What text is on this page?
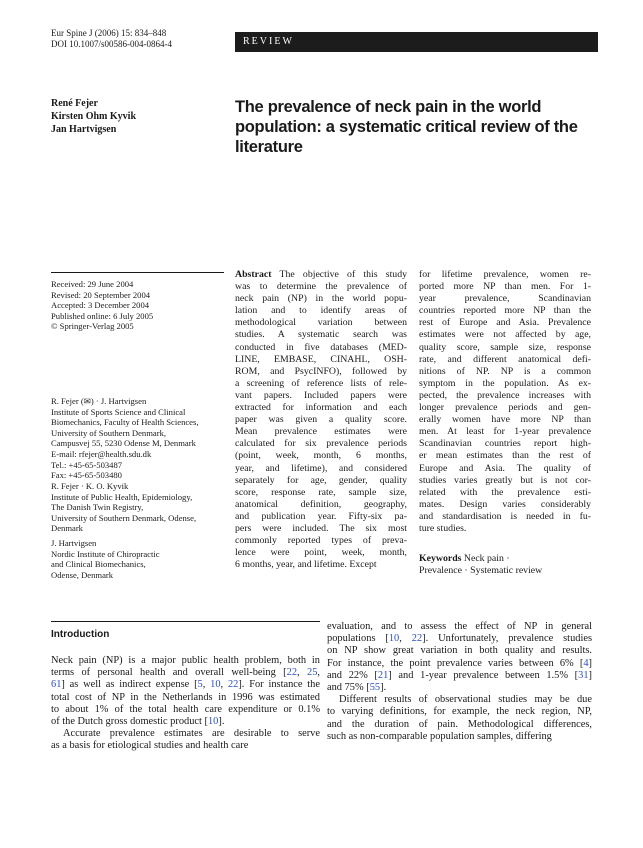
Eur Spine J (2006) 15: 834–848
DOI 10.1007/s00586-004-0864-4	REVIEW
René Fejer
Kirsten Ohm Kyvik
Jan Hartvigsen
The prevalence of neck pain in the world population: a systematic critical review of the literature
Received: 29 June 2004
Revised: 20 September 2004
Accepted: 3 December 2004
Published online: 6 July 2005
© Springer-Verlag 2005
R. Fejer (✉) · J. Hartvigsen
Institute of Sports Science and Clinical
Biomechanics, Faculty of Health Sciences,
University of Southern Denmark,
Campusvej 55, 5230 Odense M, Denmark
E-mail: rfejer@health.sdu.dk
Tel.: +45-65-503487
Fax: +45-65-503480
R. Fejer · K. O. Kyvik
Institute of Public Health, Epidemiology,
The Danish Twin Registry,
University of Southern Denmark, Odense,
Denmark
J. Hartvigsen
Nordic Institute of Chiropractic
and Clinical Biomechanics,
Odense, Denmark
Abstract The objective of this study
was to determine the prevalence of
neck pain (NP) in the world popu-
lation and to identify areas of
methodological variation between
studies. A systematic search was
conducted in five databases (MED-
LINE, EMBASE, CINAHL, OSH-
ROM, and PsycINFO), followed by
a screening of reference lists of rele-
vant papers. Included papers were
extracted for information and each
paper was given a quality score.
Mean prevalence estimates were
calculated for six prevalence periods
(point, week, month, 6 months,
year, and lifetime), and considered
separately for age, gender, quality
score, response rate, sample size,
anatomical definition, geography,
and publication year. Fifty-six pa-
pers were included. The six most
commonly reported types of preva-
lence were point, week, month,
6 months, year, and lifetime. Except
for lifetime prevalence, women re-
ported more NP than men. For 1-
year prevalence, Scandinavian
countries reported more NP than the
rest of Europe and Asia. Prevalence
estimates were not affected by age,
quality score, sample size, response
rate, and different anatomical defi-
nitions of NP. NP is a common
symptom in the population. As ex-
pected, the prevalence increases with
longer prevalence periods and gen-
erally women have more NP than
men. At least for 1-year prevalence
Scandinavian countries report high-
er mean estimates than the rest of
Europe and Asia. The quality of
studies varies greatly but is not cor-
related with the prevalence esti-
mates. Design varies considerably
and standardisation is needed in fu-
ture studies.
Keywords Neck pain ·
Prevalence · Systematic review
Introduction
Neck pain (NP) is a major public health problem, both in
terms of personal health and overall well-being [22, 25,
61] as well as indirect expense [5, 10, 22]. For instance the
total cost of NP in the Netherlands in 1996 was estimated
to about 1% of the total health care expenditure or 0.1%
of the Dutch gross domestic product [10].
Accurate prevalence estimates are desirable to serve
as a basis for etiological studies and health care
evaluation, and to assess the effect of NP in general
populations [10, 22]. Unfortunately, prevalence studies
on NP show great variation in both quality and results.
For instance, the point prevalence varies between 6% [4]
and 22% [21] and 1-year prevalence between 1.5% [31]
and 75% [55].
Different results of observational studies may be due
to varying definitions, for example, the neck region, NP,
and the duration of pain. Methodological differences,
such as non-comparable population samples, differing
